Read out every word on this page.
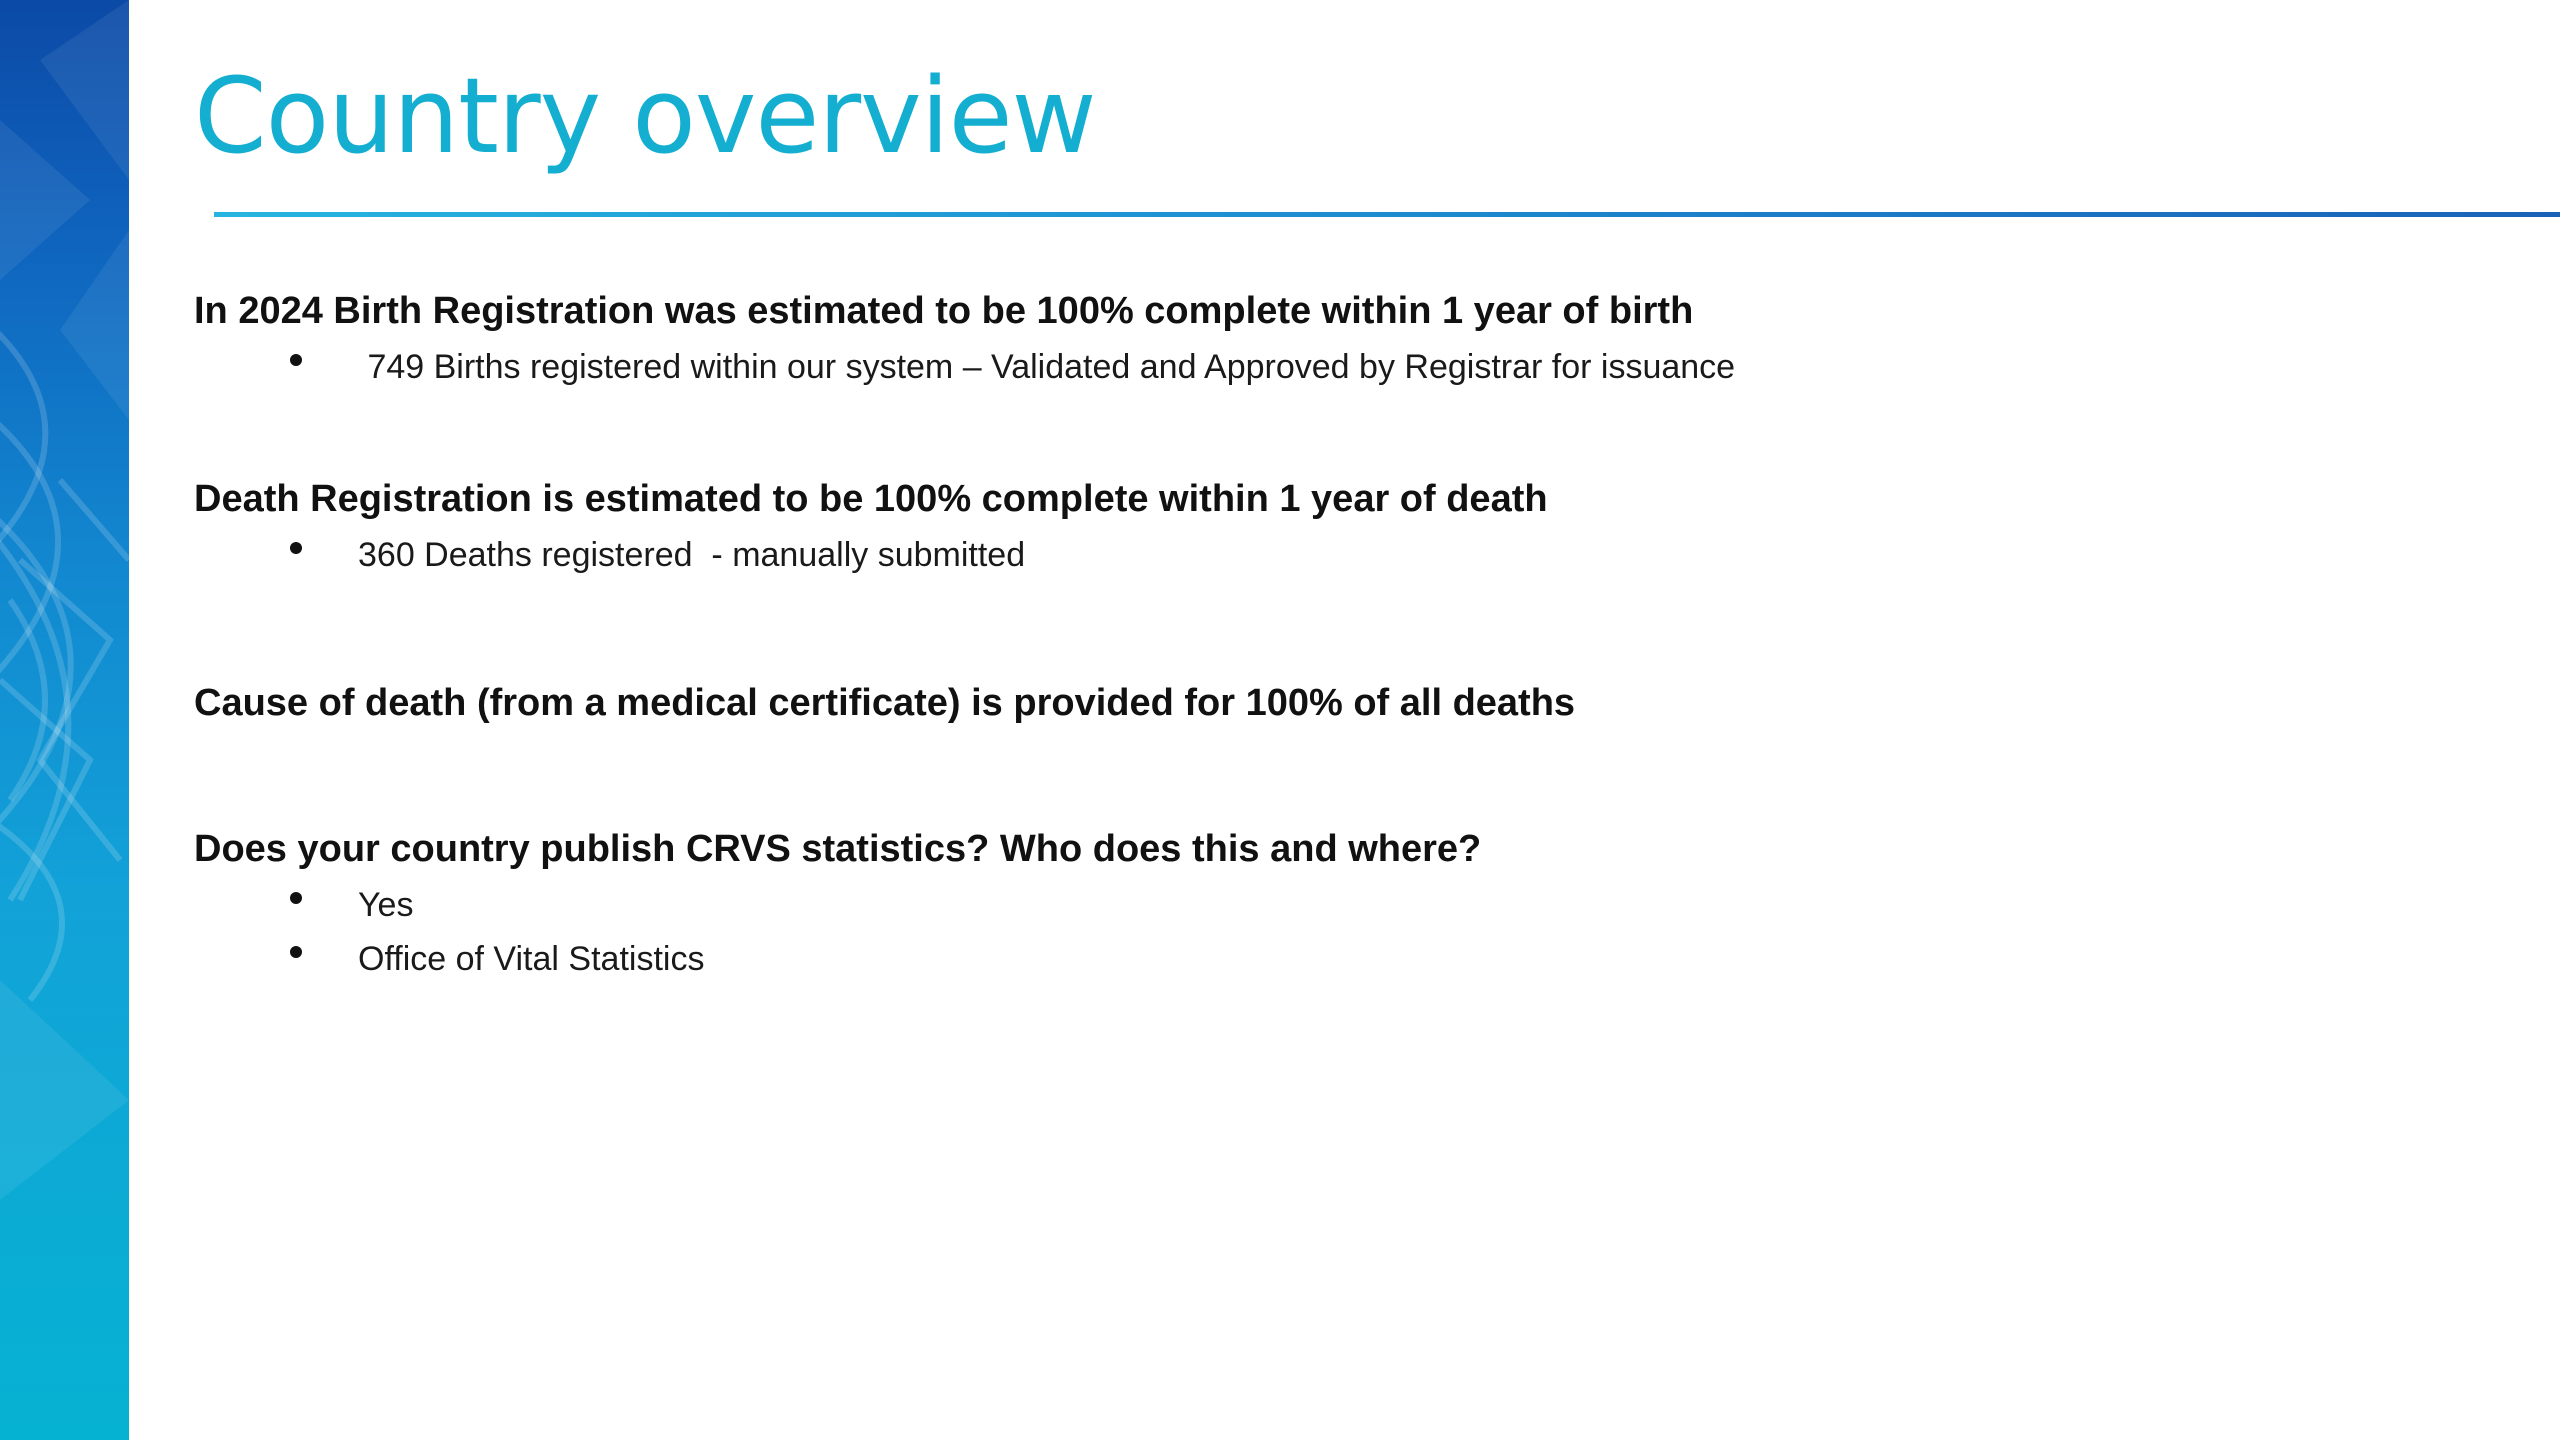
Country overview
In 2024 Birth Registration was estimated to be 100% complete within 1 year of birth
749 Births registered within our system – Validated and Approved by Registrar for issuance
Death Registration is estimated to be 100% complete within 1 year of death
360 Deaths registered  - manually submitted
Cause of death (from a medical certificate) is provided for 100% of all deaths
Does your country publish CRVS statistics? Who does this and where?
Yes
Office of Vital Statistics
